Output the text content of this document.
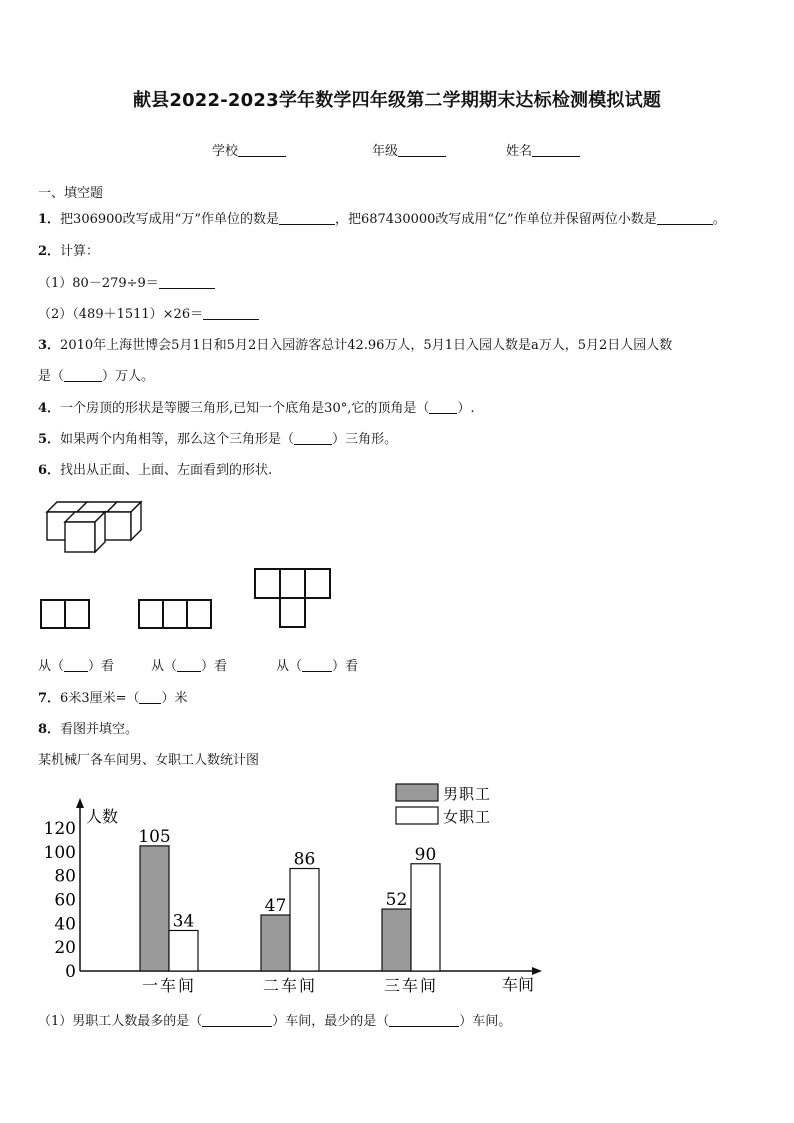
献县2022-2023学年数学四年级第二学期期末达标检测模拟试题
学校	年级	姓名
一、填空题
1．把306900改写成用“万”作单位的数是	，把687430000改写成用“亿”作单位并保留两位小数是	。
2．计算：
（1）80－279÷9＝
（2）（489＋1511）×26＝
3．2010年上海世博会5月1日和5月2日入园游客总计42.96万人，5月1日入园人数是a万人，5月2日人园人数
是（	）万人。
4．一个房顶的形状是等腰三角形,已知一个底角是30°,它的顶角是（ ）.
5．如果两个内角相等，那么这个三角形是（	）三角形。
6．找出从正面、上面、左面看到的形状.
从（ ）看	从（ ）看	从（ ）看
7．6米3厘米=（ ）米
8．看图并填空。
某机械厂各车间男、女职工人数统计图
人数
0
20
40
60
80
100
120	105
34
一车间
47
86
二车间
52
90
三车间	车间
男职工
女职工
（1）男职工人数最多的是（	）车间，最少的是（	）车间。
